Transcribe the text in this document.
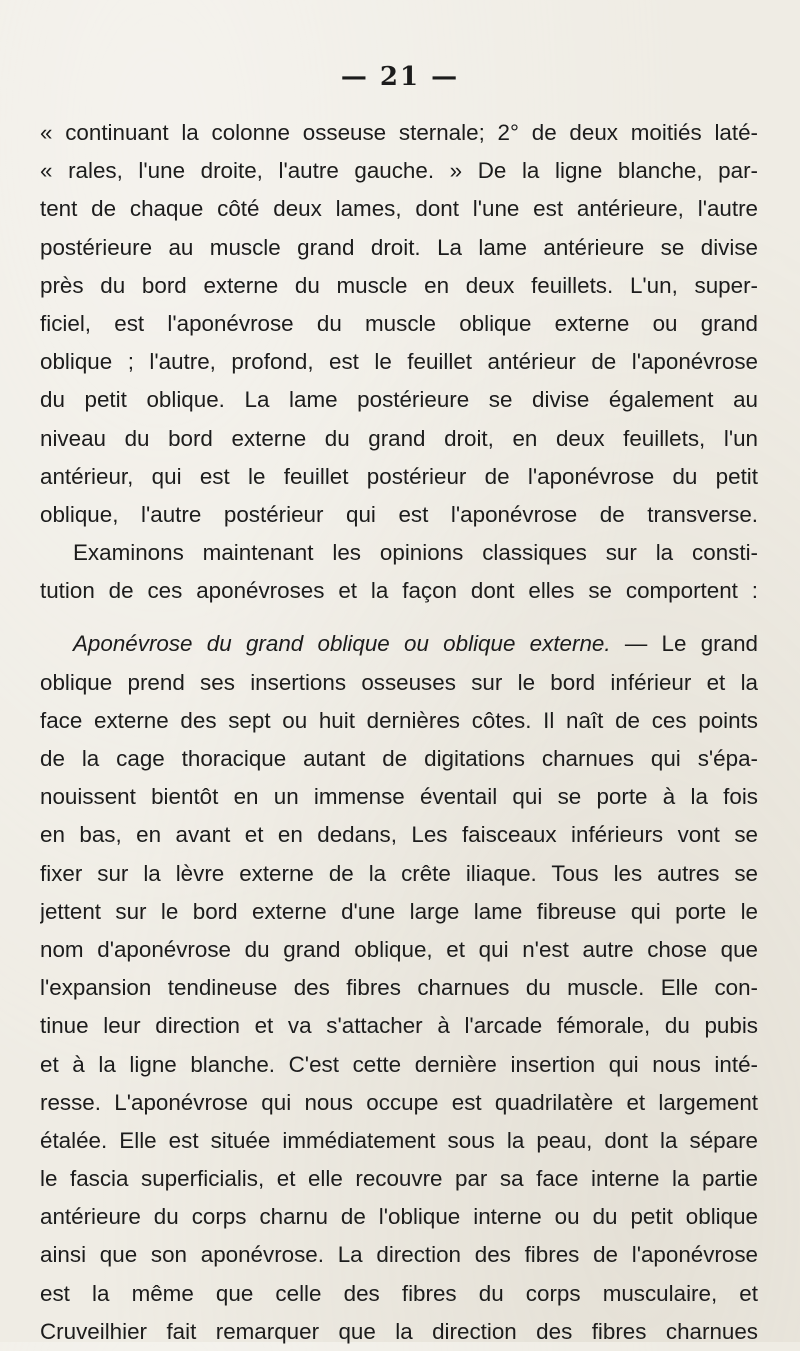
— 21 —
« continuant la colonne osseuse sternale; 2° de deux moitiés laté-
« rales, l'une droite, l'autre gauche. » De la ligne blanche, par-
tent de chaque côté deux lames, dont l'une est antérieure, l'autre
postérieure au muscle grand droit. La lame antérieure se divise
près du bord externe du muscle en deux feuillets. L'un, super-
ficiel, est l'aponévrose du muscle oblique externe ou grand
oblique ; l'autre, profond, est le feuillet antérieur de l'aponévrose
du petit oblique. La lame postérieure se divise également au
niveau du bord externe du grand droit, en deux feuillets, l'un
antérieur, qui est le feuillet postérieur de l'aponévrose du petit
oblique, l'autre postérieur qui est l'aponévrose de transverse.
Examinons maintenant les opinions classiques sur la consti-
tution de ces aponévroses et la façon dont elles se comportent :
Aponévrose du grand oblique ou oblique externe. — Le grand
oblique prend ses insertions osseuses sur le bord inférieur et la
face externe des sept ou huit dernières côtes. Il naît de ces points
de la cage thoracique autant de digitations charnues qui s'épa-
nouissent bientôt en un immense éventail qui se porte à la fois
en bas, en avant et en dedans, Les faisceaux inférieurs vont se
fixer sur la lèvre externe de la crête iliaque. Tous les autres se
jettent sur le bord externe d'une large lame fibreuse qui porte le
nom d'aponévrose du grand oblique, et qui n'est autre chose que
l'expansion tendineuse des fibres charnues du muscle. Elle con-
tinue leur direction et va s'attacher à l'arcade fémorale, du pubis
et à la ligne blanche. C'est cette dernière insertion qui nous inté-
resse. L'aponévrose qui nous occupe est quadrilatère et largement
étalée. Elle est située immédiatement sous la peau, dont la sépare
le fascia superficialis, et elle recouvre par sa face interne la partie
antérieure du corps charnu de l'oblique interne ou du petit oblique
ainsi que son aponévrose. La direction des fibres de l'aponévrose
est la même que celle des fibres du corps musculaire, et
Cruveilhier fait remarquer que la direction des fibres charnues
